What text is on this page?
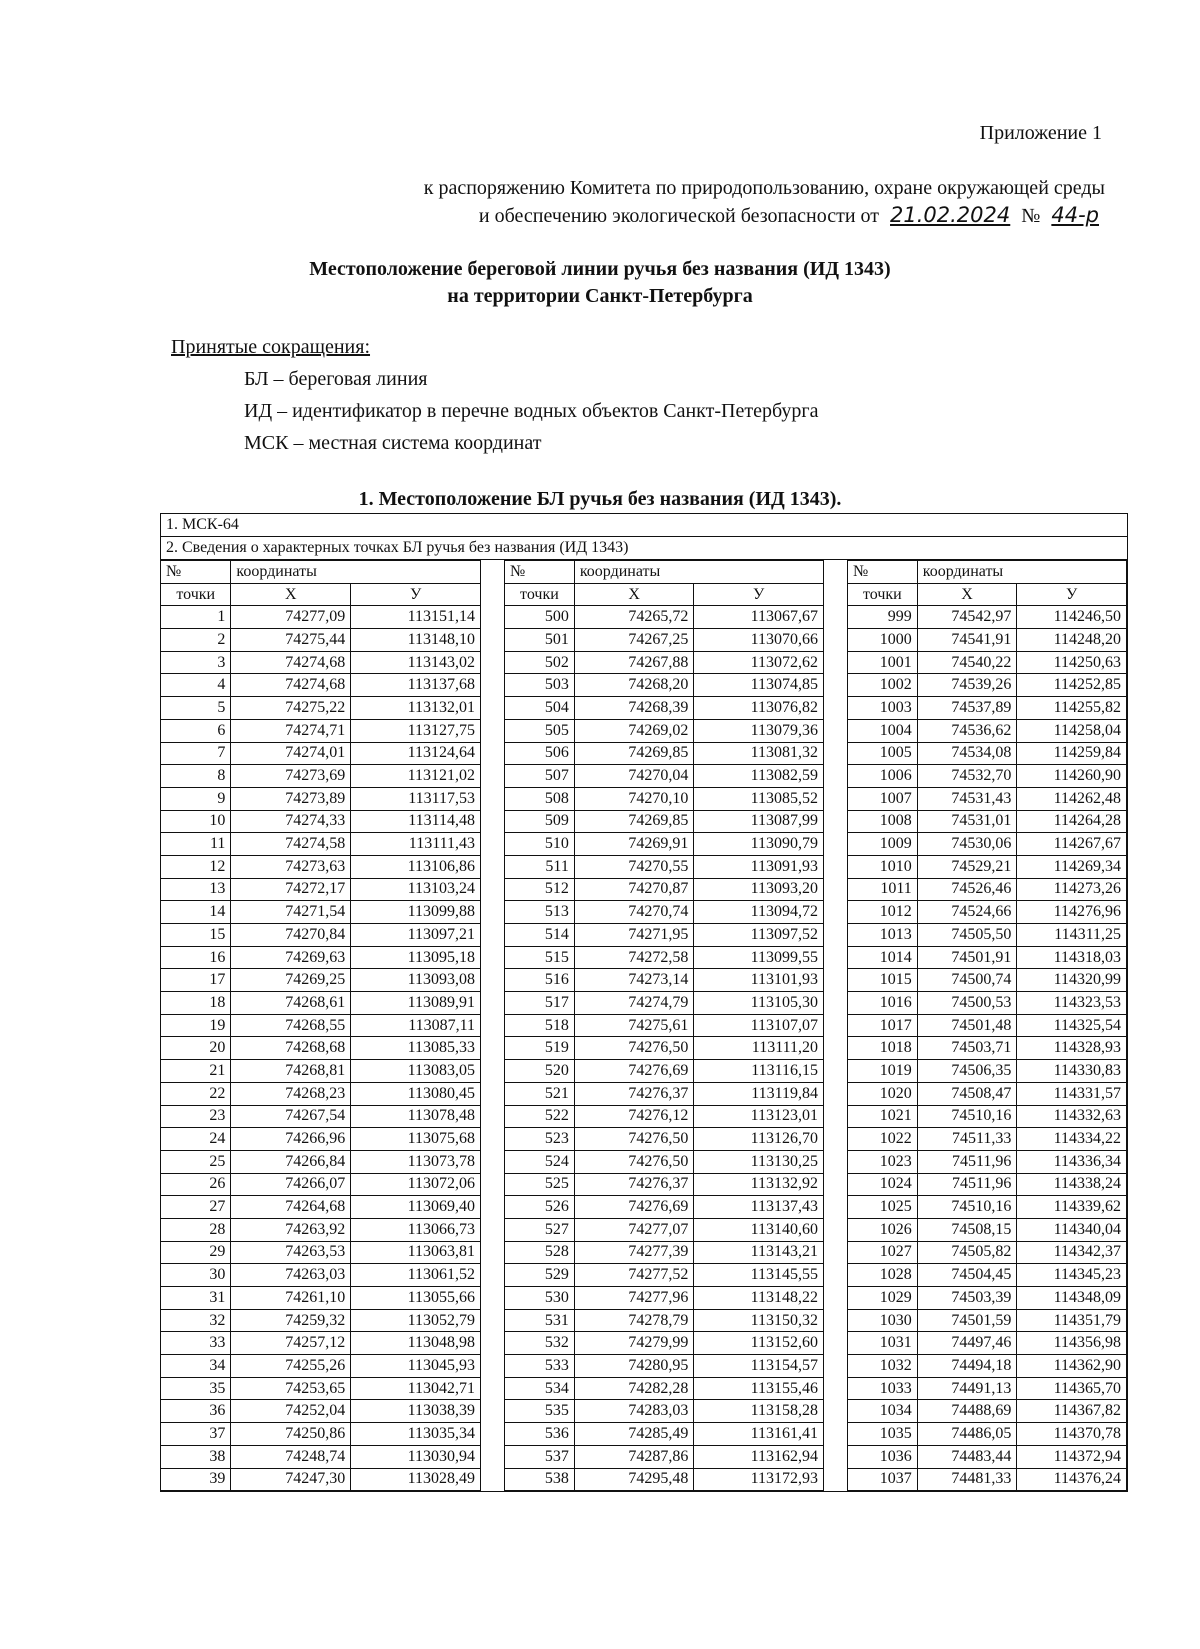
Приложение 1
к распоряжению Комитета по природопользованию, охране окружающей среды
и обеспечению экологической безопасности от 21.02.2024 № 44-р
Местоположение береговой линии ручья без названия (ИД 1343)
на территории Санкт-Петербурга
Принятые сокращения:
БЛ – береговая линия
ИД – идентификатор в перечне водных объектов Санкт-Петербурга
МСК – местная система координат
1. Местоположение БЛ ручья без названия (ИД 1343).
1. МСК-64
2. Сведения о характерных точках БЛ ручья без названия (ИД 1343)
№	координаты	
точки	X	У
1	74277,09	113151,14
2	74275,44	113148,10
3	74274,68	113143,02
4	74274,68	113137,68
5	74275,22	113132,01
6	74274,71	113127,75
7	74274,01	113124,64
8	74273,69	113121,02
9	74273,89	113117,53
10	74274,33	113114,48
11	74274,58	113111,43
12	74273,63	113106,86
13	74272,17	113103,24
14	74271,54	113099,88
15	74270,84	113097,21
16	74269,63	113095,18
17	74269,25	113093,08
18	74268,61	113089,91
19	74268,55	113087,11
20	74268,68	113085,33
21	74268,81	113083,05
22	74268,23	113080,45
23	74267,54	113078,48
24	74266,96	113075,68
25	74266,84	113073,78
26	74266,07	113072,06
27	74264,68	113069,40
28	74263,92	113066,73
29	74263,53	113063,81
30	74263,03	113061,52
31	74261,10	113055,66
32	74259,32	113052,79
33	74257,12	113048,98
34	74255,26	113045,93
35	74253,65	113042,71
36	74252,04	113038,39
37	74250,86	113035,34
38	74248,74	113030,94
39	74247,30	113028,49
№	координаты	
точки	X	У
500	74265,72	113067,67
501	74267,25	113070,66
502	74267,88	113072,62
503	74268,20	113074,85
504	74268,39	113076,82
505	74269,02	113079,36
506	74269,85	113081,32
507	74270,04	113082,59
508	74270,10	113085,52
509	74269,85	113087,99
510	74269,91	113090,79
511	74270,55	113091,93
512	74270,87	113093,20
513	74270,74	113094,72
514	74271,95	113097,52
515	74272,58	113099,55
516	74273,14	113101,93
517	74274,79	113105,30
518	74275,61	113107,07
519	74276,50	113111,20
520	74276,69	113116,15
521	74276,37	113119,84
522	74276,12	113123,01
523	74276,50	113126,70
524	74276,50	113130,25
525	74276,37	113132,92
526	74276,69	113137,43
527	74277,07	113140,60
528	74277,39	113143,21
529	74277,52	113145,55
530	74277,96	113148,22
531	74278,79	113150,32
532	74279,99	113152,60
533	74280,95	113154,57
534	74282,28	113155,46
535	74283,03	113158,28
536	74285,49	113161,41
537	74287,86	113162,94
538	74295,48	113172,93
№	координаты	
точки	X	У
999	74542,97	114246,50
1000	74541,91	114248,20
1001	74540,22	114250,63
1002	74539,26	114252,85
1003	74537,89	114255,82
1004	74536,62	114258,04
1005	74534,08	114259,84
1006	74532,70	114260,90
1007	74531,43	114262,48
1008	74531,01	114264,28
1009	74530,06	114267,67
1010	74529,21	114269,34
1011	74526,46	114273,26
1012	74524,66	114276,96
1013	74505,50	114311,25
1014	74501,91	114318,03
1015	74500,74	114320,99
1016	74500,53	114323,53
1017	74501,48	114325,54
1018	74503,71	114328,93
1019	74506,35	114330,83
1020	74508,47	114331,57
1021	74510,16	114332,63
1022	74511,33	114334,22
1023	74511,96	114336,34
1024	74511,96	114338,24
1025	74510,16	114339,62
1026	74508,15	114340,04
1027	74505,82	114342,37
1028	74504,45	114345,23
1029	74503,39	114348,09
1030	74501,59	114351,79
1031	74497,46	114356,98
1032	74494,18	114362,90
1033	74491,13	114365,70
1034	74488,69	114367,82
1035	74486,05	114370,78
1036	74483,44	114372,94
1037	74481,33	114376,24
